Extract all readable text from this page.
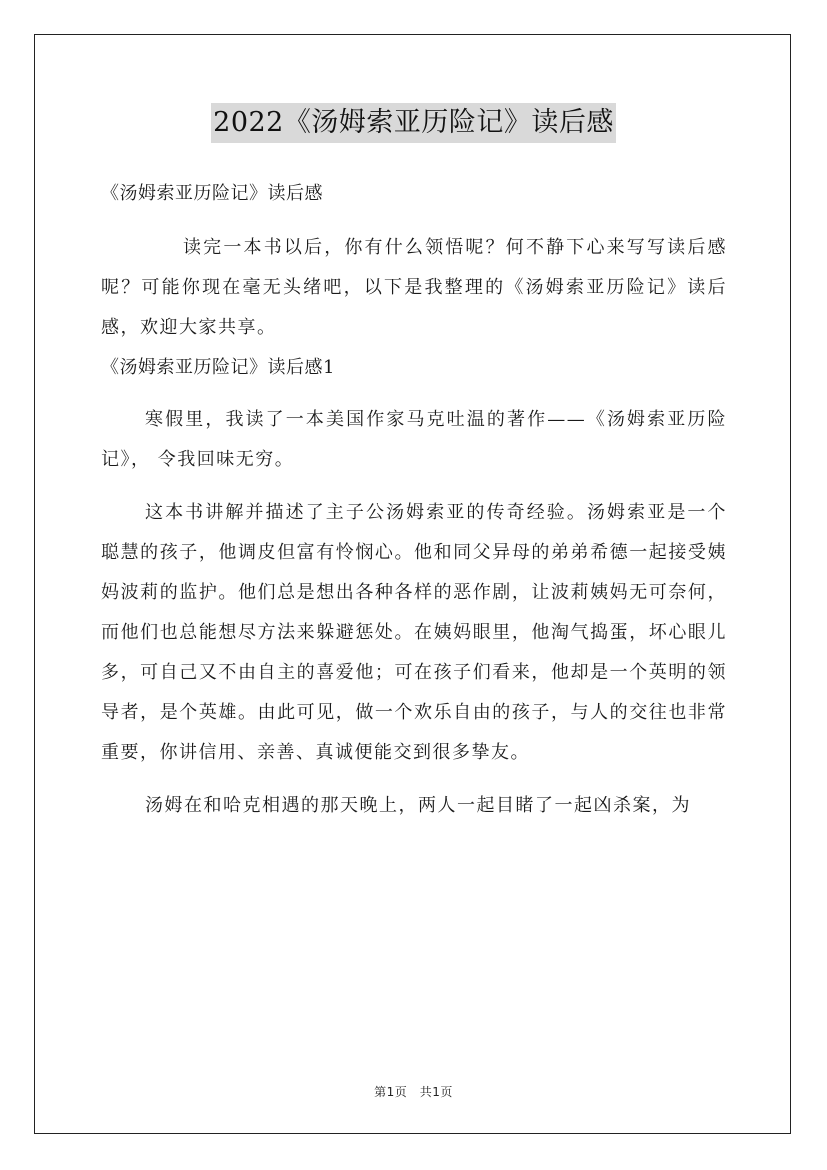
2022《汤姆索亚历险记》读后感

《汤姆索亚历险记》读后感

读完一本书以后，你有什么领悟呢？何不静下心来写写读后感呢？可能你现在毫无头绪吧，以下是我整理的《汤姆索亚历险记》读后感，欢迎大家共享。

《汤姆索亚历险记》读后感1

寒假里，我读了一本美国作家马克吐温的著作——《汤姆索亚历险记》， 令我回味无穷。

这本书讲解并描述了主子公汤姆索亚的传奇经验。汤姆索亚是一个聪慧的孩子，他调皮但富有怜悯心。他和同父异母的弟弟希德一起接受姨妈波莉的监护。他们总是想出各种各样的恶作剧，让波莉姨妈无可奈何，而他们也总能想尽方法来躲避惩处。在姨妈眼里，他淘气捣蛋，坏心眼儿多，可自己又不由自主的喜爱他；可在孩子们看来，他却是一个英明的领导者，是个英雄。由此可见，做一个欢乐自由的孩子，与人的交往也非常重要，你讲信用、亲善、真诚便能交到很多挚友。

汤姆在和哈克相遇的那天晚上，两人一起目睹了一起凶杀案，为

第1页　共1页
